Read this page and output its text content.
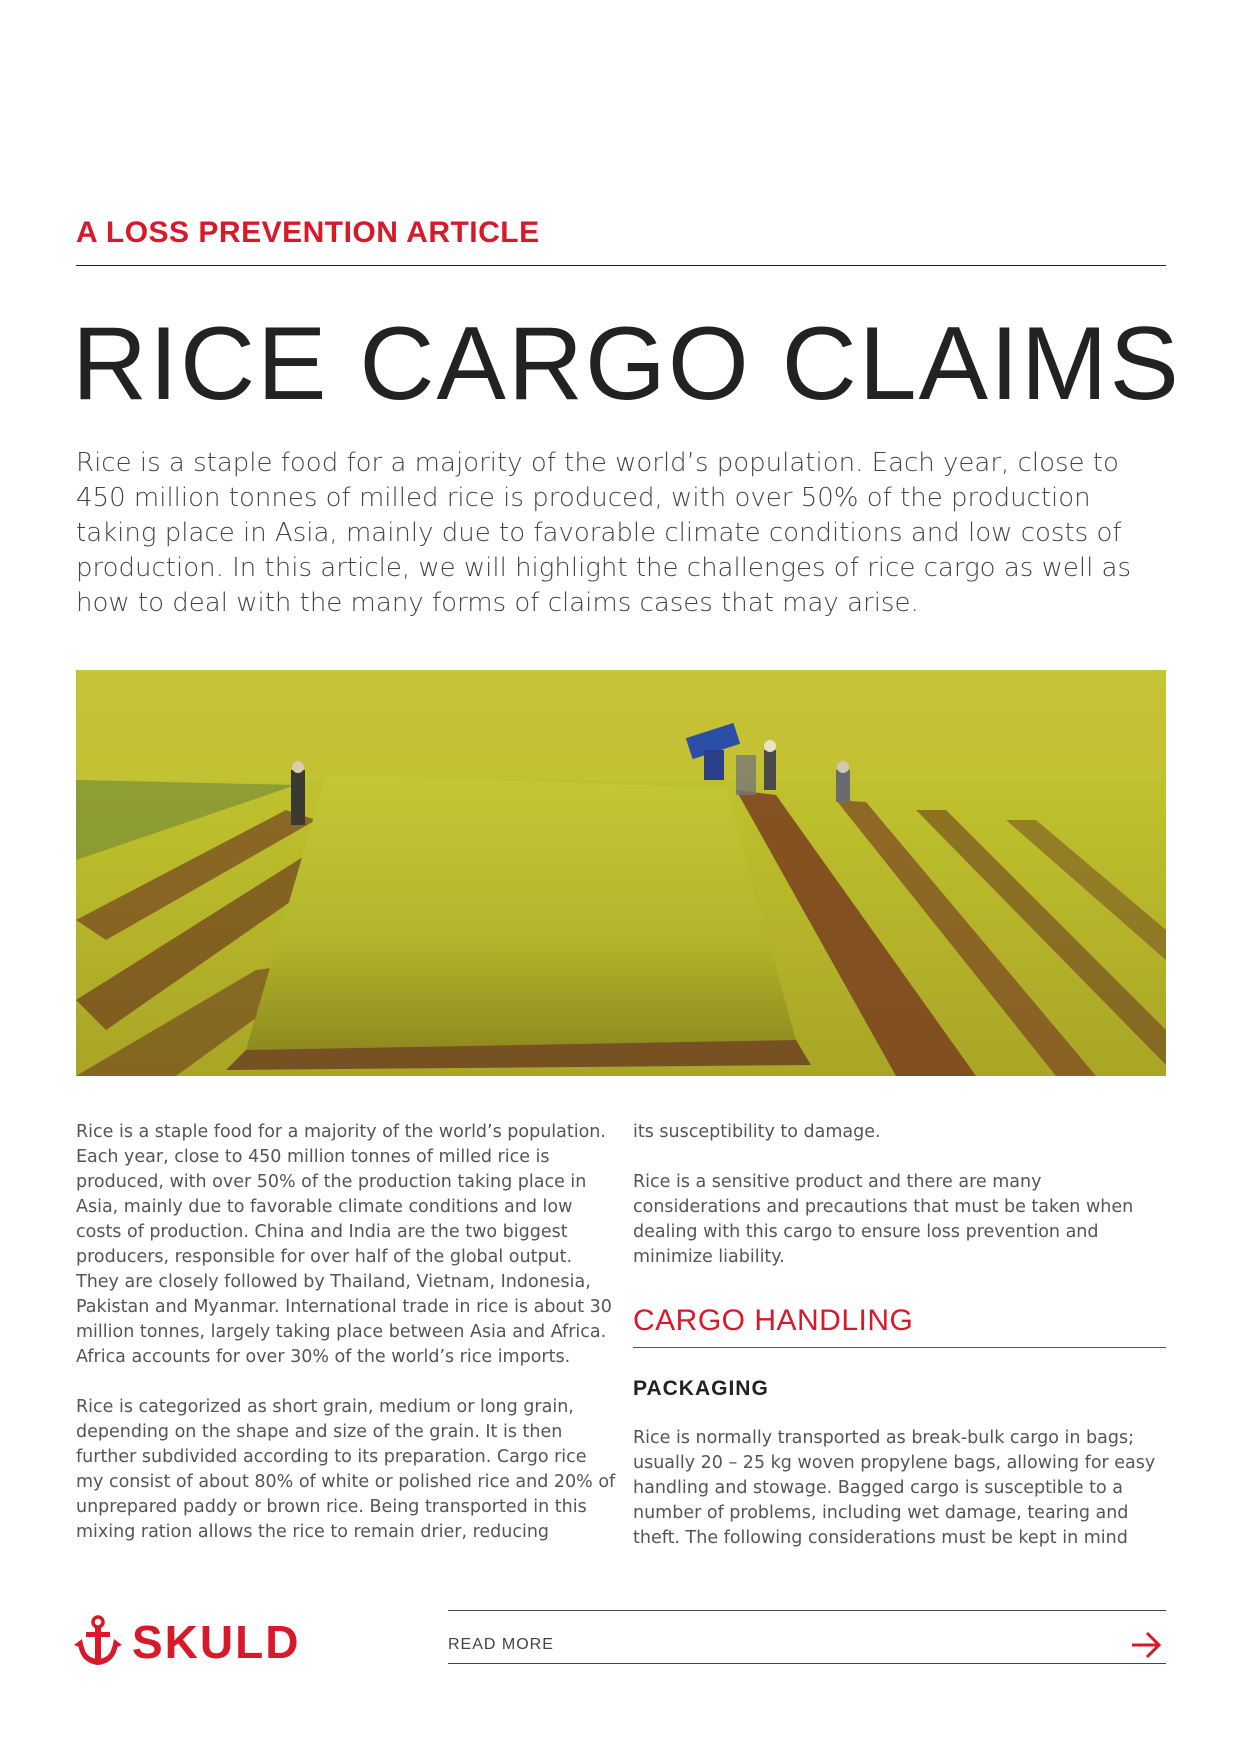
A LOSS PREVENTION ARTICLE
RICE CARGO CLAIMS
Rice is a staple food for a majority of the world’s population. Each year, close to 450 million tonnes of milled rice is produced, with over 50% of the production taking place in Asia, mainly due to favorable climate conditions and low costs of production. In this article, we will highlight the challenges of rice cargo as well as how to deal with the many forms of claims cases that may arise.

Rice is a staple food for a majority of the world’s population. Each year, close to 450 million tonnes of milled rice is produced, with over 50% of the production taking place in Asia, mainly due to favorable climate conditions and low costs of production. China and India are the two biggest producers, responsible for over half of the global output. They are closely followed by Thailand, Vietnam, Indonesia, Pakistan and Myanmar. International trade in rice is about 30 million tonnes, largely taking place between Asia and Africa. Africa accounts for over 30% of the world’s rice imports.

Rice is categorized as short grain, medium or long grain, depending on the shape and size of the grain. It is then further subdivided according to its preparation. Cargo rice my consist of about 80% of white or polished rice and 20% of unprepared paddy or brown rice. Being transported in this mixing ration allows the rice to remain drier, reducing

its susceptibility to damage.

Rice is a sensitive product and there are many considerations and precautions that must be taken when dealing with this cargo to ensure loss prevention and minimize liability.

CARGO HANDLING
PACKAGING

Rice is normally transported as break-bulk cargo in bags; usually 20 – 25 kg woven propylene bags, allowing for easy handling and stowage. Bagged cargo is susceptible to a number of problems, including wet damage, tearing and theft. The following considerations must be kept in mind

SKULD	READ MORE
